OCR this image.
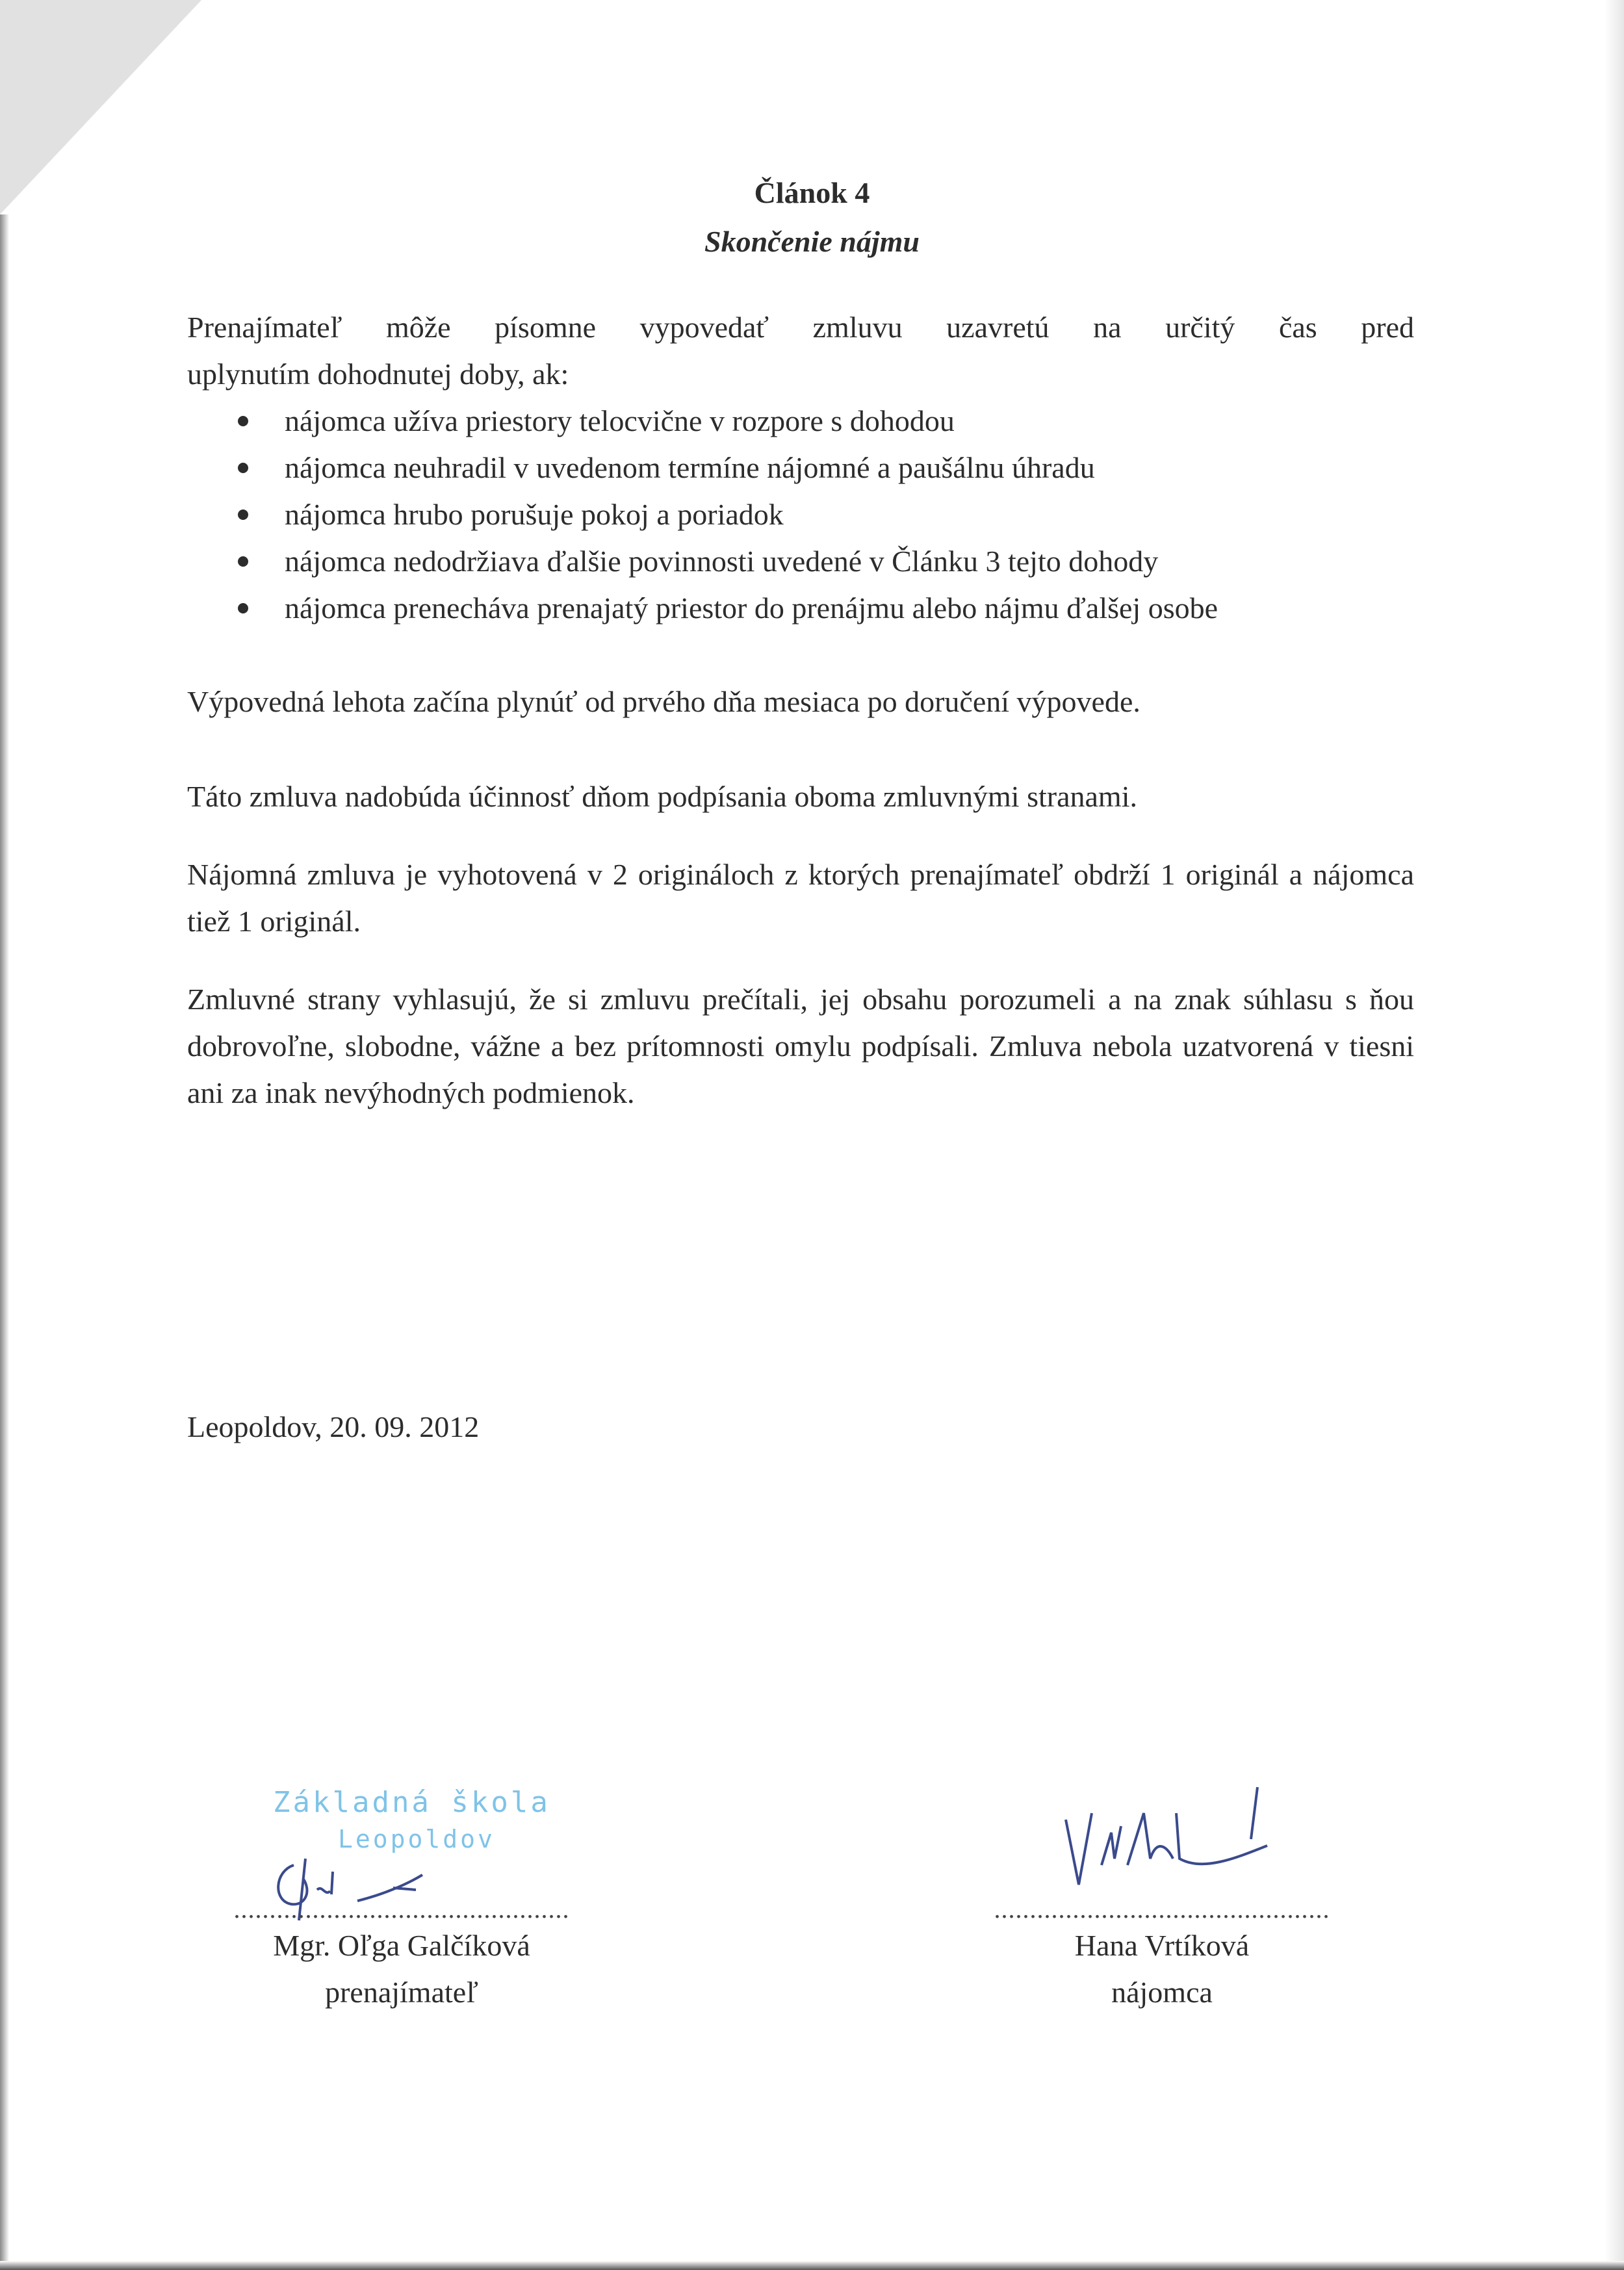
Článok 4
Skončenie nájmu
Prenajímateľ môže písomne vypovedať zmluvu uzavretú na určitý čas pred
uplynutím dohodnutej doby, ak:
nájomca užíva priestory telocvične v rozpore s dohodou
nájomca neuhradil v uvedenom termíne nájomné a paušálnu úhradu
nájomca hrubo porušuje pokoj a poriadok
nájomca nedodržiava ďalšie povinnosti uvedené v Článku 3 tejto dohody
nájomca prenecháva prenajatý priestor do prenájmu alebo nájmu ďalšej osobe
Výpovedná lehota začína plynúť od prvého dňa mesiaca po doručení výpovede.
Táto zmluva nadobúda účinnosť dňom podpísania oboma zmluvnými stranami.
Nájomná zmluva je vyhotovená v 2 origináloch z ktorých prenajímateľ obdrží 1 originál a nájomca tiež 1 originál.
Zmluvné strany vyhlasujú, že si zmluvu prečítali, jej obsahu porozumeli a na znak súhlasu s ňou dobrovoľne, slobodne, vážne a bez prítomnosti omylu podpísali. Zmluva nebola uzatvorená v tiesni ani za inak nevýhodných podmienok.
Leopoldov, 20. 09. 2012
Základná škola
Leopoldov
...............................................
Mgr. Oľga Galčíková
prenajímateľ
...............................................
Hana Vrtíková
nájomca
